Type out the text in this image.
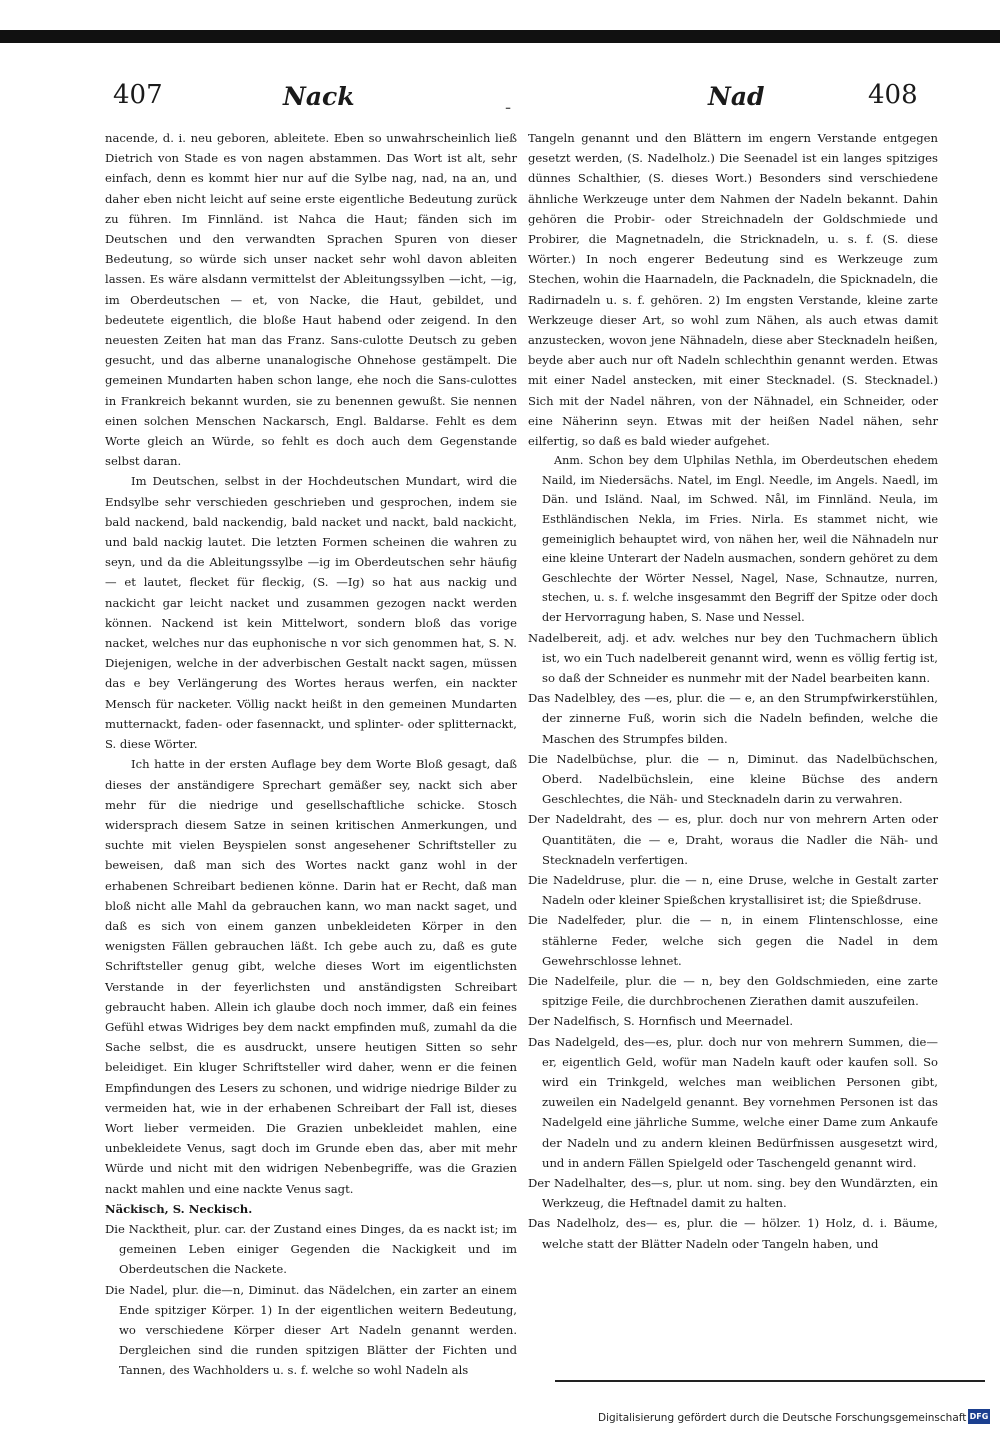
407	Nack	-	Nad	408

nacende, d. i. neu geboren, ableitete. Eben so unwahrscheinlich ließ Dietrich von Stade es von nagen abstammen. Das Wort ist alt, sehr einfach, denn es kommt hier nur auf die Sylbe nag, nad, na an, und daher eben nicht leicht auf seine erste eigentliche Bedeutung zurück zu führen. Im Finnländ. ist Nahca die Haut; fänden sich im Deutschen und den verwandten Sprachen Spuren von dieser Bedeutung, so würde sich unser nacket sehr wohl davon ableiten lassen. Es wäre alsdann vermittelst der Ableitungssylben —icht, —ig, im Oberdeutschen — et, von Nacke, die Haut, gebildet, und bedeutete eigentlich, die bloße Haut habend oder zeigend. In den neuesten Zeiten hat man das Franz. Sans-culotte Deutsch zu geben gesucht, und das alberne unanalogische Ohnehose gestämpelt. Die gemeinen Mundarten haben schon lange, ehe noch die Sans-culottes in Frankreich bekannt wurden, sie zu benennen gewußt. Sie nennen einen solchen Menschen Nackarsch, Engl. Baldarse. Fehlt es dem Worte gleich an Würde, so fehlt es doch auch dem Gegenstande selbst daran.

Im Deutschen, selbst in der Hochdeutschen Mundart, wird die Endsylbe sehr verschieden geschrieben und gesprochen, indem sie bald nackend, bald nackendig, bald nacket und nackt, bald nackicht, und bald nackig lautet. Die letzten Formen scheinen die wahren zu seyn, und da die Ableitungssylbe —ig im Oberdeutschen sehr häufig — et lautet, flecket für fleckig, (S. —Ig) so hat aus nackig und nackicht gar leicht nacket und zusammen gezogen nackt werden können. Nackend ist kein Mittelwort, sondern bloß das vorige nacket, welches nur das euphonische n vor sich genommen hat, S. N. Diejenigen, welche in der adverbischen Gestalt nackt sagen, müssen das e bey Verlängerung des Wortes heraus werfen, ein nackter Mensch für nacketer. Völlig nackt heißt in den gemeinen Mundarten mutternackt, faden- oder fasennackt, und splinter- oder splitternackt, S. diese Wörter.

Ich hatte in der ersten Auflage bey dem Worte Bloß gesagt, daß dieses der anständigere Sprechart gemäßer sey, nackt sich aber mehr für die niedrige und gesellschaftliche schicke. Stosch widersprach diesem Satze in seinen kritischen Anmerkungen, und suchte mit vielen Beyspielen sonst angesehener Schriftsteller zu beweisen, daß man sich des Wortes nackt ganz wohl in der erhabenen Schreibart bedienen könne. Darin hat er Recht, daß man bloß nicht alle Mahl da gebrauchen kann, wo man nackt saget, und daß es sich von einem ganzen unbekleideten Körper in den wenigsten Fällen gebrauchen läßt. Ich gebe auch zu, daß es gute Schriftsteller genug gibt, welche dieses Wort im eigentlichsten Verstande in der feyerlichsten und anständigsten Schreibart gebraucht haben. Allein ich glaube doch noch immer, daß ein feines Gefühl etwas Widriges bey dem nackt empfinden muß, zumahl da die Sache selbst, die es ausdruckt, unsere heutigen Sitten so sehr beleidiget. Ein kluger Schriftsteller wird daher, wenn er die feinen Empfindungen des Lesers zu schonen, und widrige niedrige Bilder zu vermeiden hat, wie in der erhabenen Schreibart der Fall ist, dieses Wort lieber vermeiden. Die Grazien unbekleidet mahlen, eine unbekleidete Venus, sagt doch im Grunde eben das, aber mit mehr Würde und nicht mit den widrigen Nebenbegriffe, was die Grazien nackt mahlen und eine nackte Venus sagt.

Näckisch, S. Neckisch.

Die Nacktheit, plur. car. der Zustand eines Dinges, da es nackt ist; im gemeinen Leben einiger Gegenden die Nackigkeit und im Oberdeutschen die Nackete.

Die Nadel, plur. die—n, Diminut. das Nädelchen, ein zarter an einem Ende spitziger Körper. 1) In der eigentlichen weitern Bedeutung, wo verschiedene Körper dieser Art Nadeln genannt werden. Dergleichen sind die runden spitzigen Blätter der Fichten und Tannen, des Wachholders u. s. f. welche so wohl Nadeln als

Tangeln genannt und den Blättern im engern Verstande entgegen gesetzt werden, (S. Nadelholz.) Die Seenadel ist ein langes spitziges dünnes Schalthier, (S. dieses Wort.) Besonders sind verschiedene ähnliche Werkzeuge unter dem Nahmen der Nadeln bekannt. Dahin gehören die Probir- oder Streichnadeln der Goldschmiede und Probirer, die Magnetnadeln, die Stricknadeln, u. s. f. (S. diese Wörter.) In noch engerer Bedeutung sind es Werkzeuge zum Stechen, wohin die Haarnadeln, die Packnadeln, die Spicknadeln, die Radirnadeln u. s. f. gehören. 2) Im engsten Verstande, kleine zarte Werkzeuge dieser Art, so wohl zum Nähen, als auch etwas damit anzustecken, wovon jene Nähnadeln, diese aber Stecknadeln heißen, beyde aber auch nur oft Nadeln schlechthin genannt werden. Etwas mit einer Nadel anstecken, mit einer Stecknadel. (S. Stecknadel.) Sich mit der Nadel nähren, von der Nähnadel, ein Schneider, oder eine Näherinn seyn. Etwas mit der heißen Nadel nähen, sehr eilfertig, so daß es bald wieder aufgehet.

Anm. Schon bey dem Ulphilas Nethla, im Oberdeutschen ehedem Naild, im Niedersächs. Natel, im Engl. Needle, im Angels. Naedl, im Dän. und Isländ. Naal, im Schwed. Nål, im Finnländ. Neula, im Esthländischen Nekla, im Fries. Nirla. Es stammet nicht, wie gemeiniglich behauptet wird, von nähen her, weil die Nähnadeln nur eine kleine Unterart der Nadeln ausmachen, sondern gehöret zu dem Geschlechte der Wörter Nessel, Nagel, Nase, Schnautze, nurren, stechen, u. s. f. welche insgesammt den Begriff der Spitze oder doch der Hervorragung haben, S. Nase und Nessel.

Nadelbereit, adj. et adv. welches nur bey den Tuchmachern üblich ist, wo ein Tuch nadelbereit genannt wird, wenn es völlig fertig ist, so daß der Schneider es nunmehr mit der Nadel bearbeiten kann.

Das Nadelbley, des —es, plur. die — e, an den Strumpfwirkerstühlen, der zinnerne Fuß, worin sich die Nadeln befinden, welche die Maschen des Strumpfes bilden.

Die Nadelbüchse, plur. die — n, Diminut. das Nadelbüchschen, Oberd. Nadelbüchslein, eine kleine Büchse des andern Geschlechtes, die Näh- und Stecknadeln darin zu verwahren.

Der Nadeldraht, des — es, plur. doch nur von mehrern Arten oder Quantitäten, die — e, Draht, woraus die Nadler die Näh- und Stecknadeln verfertigen.

Die Nadeldruse, plur. die — n, eine Druse, welche in Gestalt zarter Nadeln oder kleiner Spießchen krystallisiret ist; die Spießdruse.

Die Nadelfeder, plur. die — n, in einem Flintenschlosse, eine stählerne Feder, welche sich gegen die Nadel in dem Gewehrschlosse lehnet.

Die Nadelfeile, plur. die — n, bey den Goldschmieden, eine zarte spitzige Feile, die durchbrochenen Zierathen damit auszufeilen.

Der Nadelfisch, S. Hornfisch und Meernadel.

Das Nadelgeld, des—es, plur. doch nur von mehrern Summen, die—er, eigentlich Geld, wofür man Nadeln kauft oder kaufen soll. So wird ein Trinkgeld, welches man weiblichen Personen gibt, zuweilen ein Nadelgeld genannt. Bey vornehmen Personen ist das Nadelgeld eine jährliche Summe, welche einer Dame zum Ankaufe der Nadeln und zu andern kleinen Bedürfnissen ausgesetzt wird, und in andern Fällen Spielgeld oder Taschengeld genannt wird.

Der Nadelhalter, des—s, plur. ut nom. sing. bey den Wundärzten, ein Werkzeug, die Heftnadel damit zu halten.

Das Nadelholz, des— es, plur. die — hölzer. 1) Holz, d. i. Bäume, welche statt der Blätter Nadeln oder Tangeln haben, und

Digitalisierung gefördert durch die Deutsche Forschungsgemeinschaft DFG
